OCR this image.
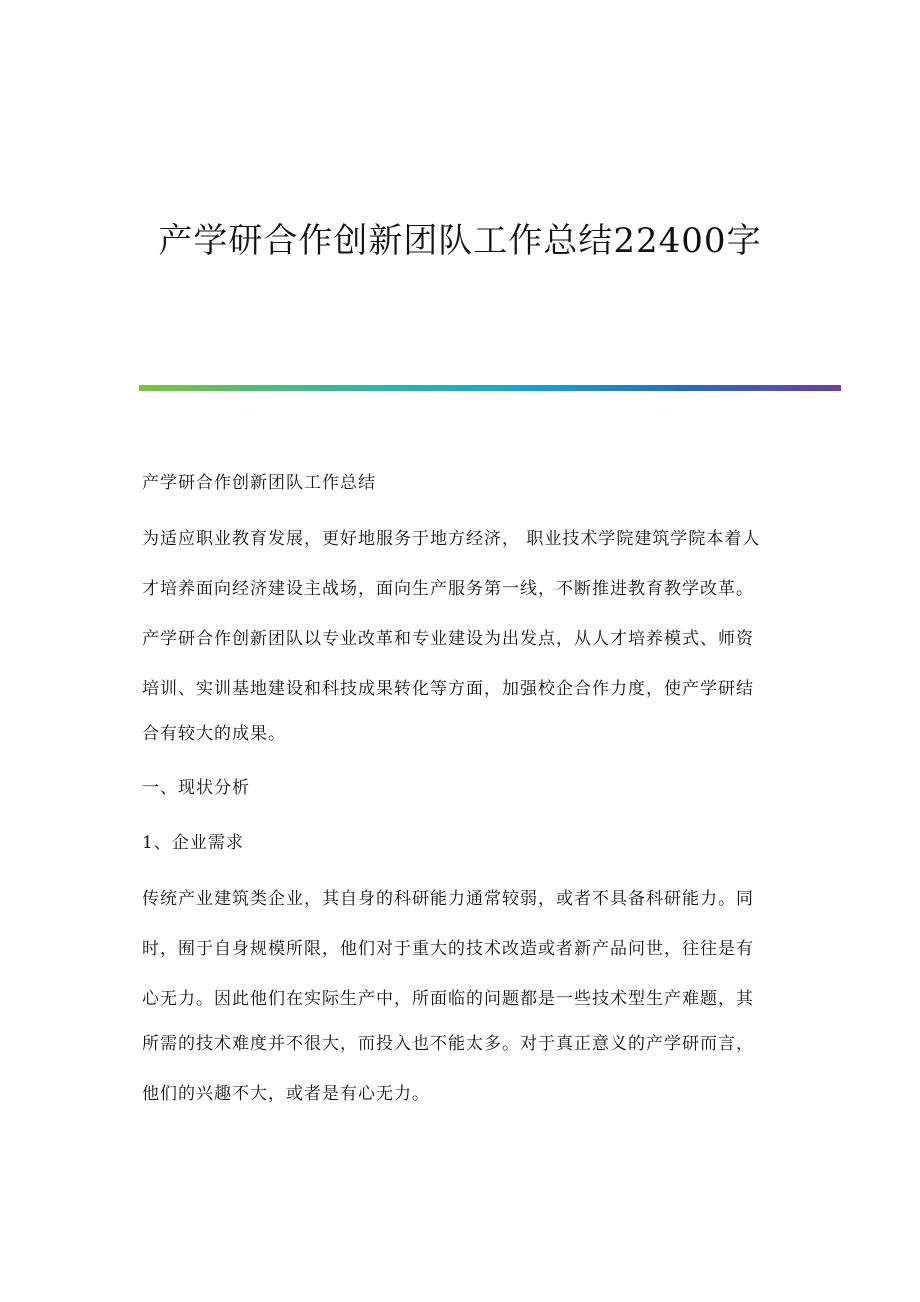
产学研合作创新团队工作总结22400字
产学研合作创新团队工作总结
为适应职业教育发展，更好地服务于地方经济， 职业技术学院建筑学院本着人
才培养面向经济建设主战场，面向生产服务第一线，不断推进教育教学改革。
产学研合作创新团队以专业改革和专业建设为出发点，从人才培养模式、师资
培训、实训基地建设和科技成果转化等方面，加强校企合作力度，使产学研结
合有较大的成果。
一、现状分析
1、企业需求
传统产业建筑类企业，其自身的科研能力通常较弱，或者不具备科研能力。同
时，囿于自身规模所限，他们对于重大的技术改造或者新产品问世，往往是有
心无力。因此他们在实际生产中，所面临的问题都是一些技术型生产难题，其
所需的技术难度并不很大，而投入也不能太多。对于真正意义的产学研而言，
他们的兴趣不大，或者是有心无力。
